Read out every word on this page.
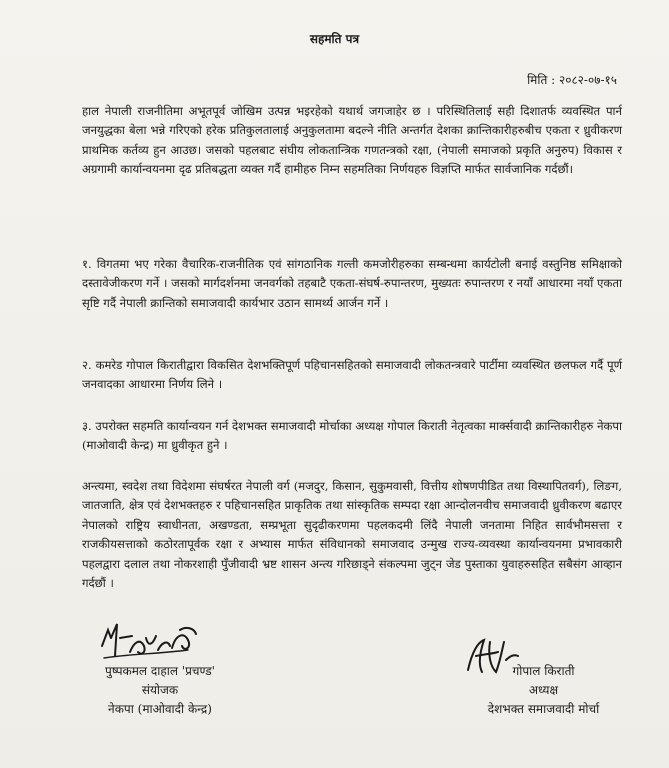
सहमति पत्र
मिति : २०८२-०७-१५

हाल नेपाली राजनीतिमा अभूतपूर्व जोखिम उत्पन्न भइरहेको यथार्थ जगजाहेर छ । परिस्थितिलाई सही दिशातर्फ व्यवस्थित पार्न जनयुद्धका बेला भन्ने गरिएको हरेक प्रतिकुलतालाई अनुकुलतामा बदल्ने नीति अन्तर्गत देशका क्रान्तिकारीहरुबीच एकता र ध्रुवीकरण प्राथमिक कर्तव्य हुन आउछ। जसको पहलबाट संघीय लोकतान्त्रिक गणतन्त्रको रक्षा, (नेपाली समाजको प्रकृति अनुरुप) विकास र अग्रगामी कार्यान्वयनमा दृढ प्रतिबद्धता व्यक्त गर्दै हामीहरु निम्न सहमतिका निर्णयहरु विज्ञप्ति मार्फत सार्वजानिक गर्दछौं।

१. विगतमा भए गरेका वैचारिक-राजनीतिक एवं सांगठानिक गल्ती कमजोरीहरुका सम्बन्धमा कार्यटोली बनाई वस्तुनिष्ठ समिक्षाको दस्तावेजीकरण गर्ने । जसको मार्गदर्शनमा जनवर्गको तहबाटै एकता-संघर्ष-रुपान्तरण, मुख्यतः रुपान्तरण र नयाँ आधारमा नयाँ एकता सृष्टि गर्दै नेपाली क्रान्तिको समाजवादी कार्यभार उठान सामर्थ्य आर्जन गर्ने ।

२. कमरेड गोपाल किरातीद्वारा विकसित देशभक्तिपूर्ण पहिचानसहितको समाजवादी लोकतन्त्रवारे पार्टीमा व्यवस्थित छलफल गर्दै पूर्ण जनवादका आधारमा निर्णय लिने ।

३. उपरोक्त सहमति कार्यान्वयन गर्न देशभक्त समाजवादी मोर्चाका अध्यक्ष गोपाल किराती नेतृत्वका मार्क्सवादी क्रान्तिकारीहरु नेकपा (माओवादी केन्द्र) मा ध्रुवीकृत हुने ।

अन्त्यमा, स्वदेश तथा विदेशमा संघर्षरत नेपाली वर्ग (मजदुर, किसान, सुकुमवासी, वित्तीय शोषणपीडित तथा विस्थापितवर्ग), लिङग, जातजाति, क्षेत्र एवं देशभक्तहरु र पहिचानसहित प्राकृतिक तथा सांस्कृतिक सम्पदा रक्षा आन्दोलनवीच समाजवादी ध्रुवीकरण बढाएर नेपालको राष्ट्रिय स्वाधीनता, अखण्डता, सम्प्रभूता सुदृढीकरणमा पहलकदमी लिंदै नेपाली जनतामा निहित सार्वभौमसत्ता र राजकीयसत्ताको कठोरतापूर्वक रक्षा र अभ्यास मार्फत संविधानको समाजवाद उन्मुख राज्य-व्यवस्था कार्यान्वयनमा प्रभावकारी पहलद्वारा दलाल तथा नोकरशाही पुँजीवादी भ्रष्ट शासन अन्त्य गरिछाड्ने संकल्पमा जुट्न जेड पुस्ताका युवाहरुसहित सबैसंग आव्हान गर्दछौं ।

पुष्पकमल दाहाल 'प्रचण्ड'
संयोजक
नेकपा (माओवादी केन्द्र)
गोपाल किराती
अध्यक्ष
देशभक्त समाजवादी मोर्चा
